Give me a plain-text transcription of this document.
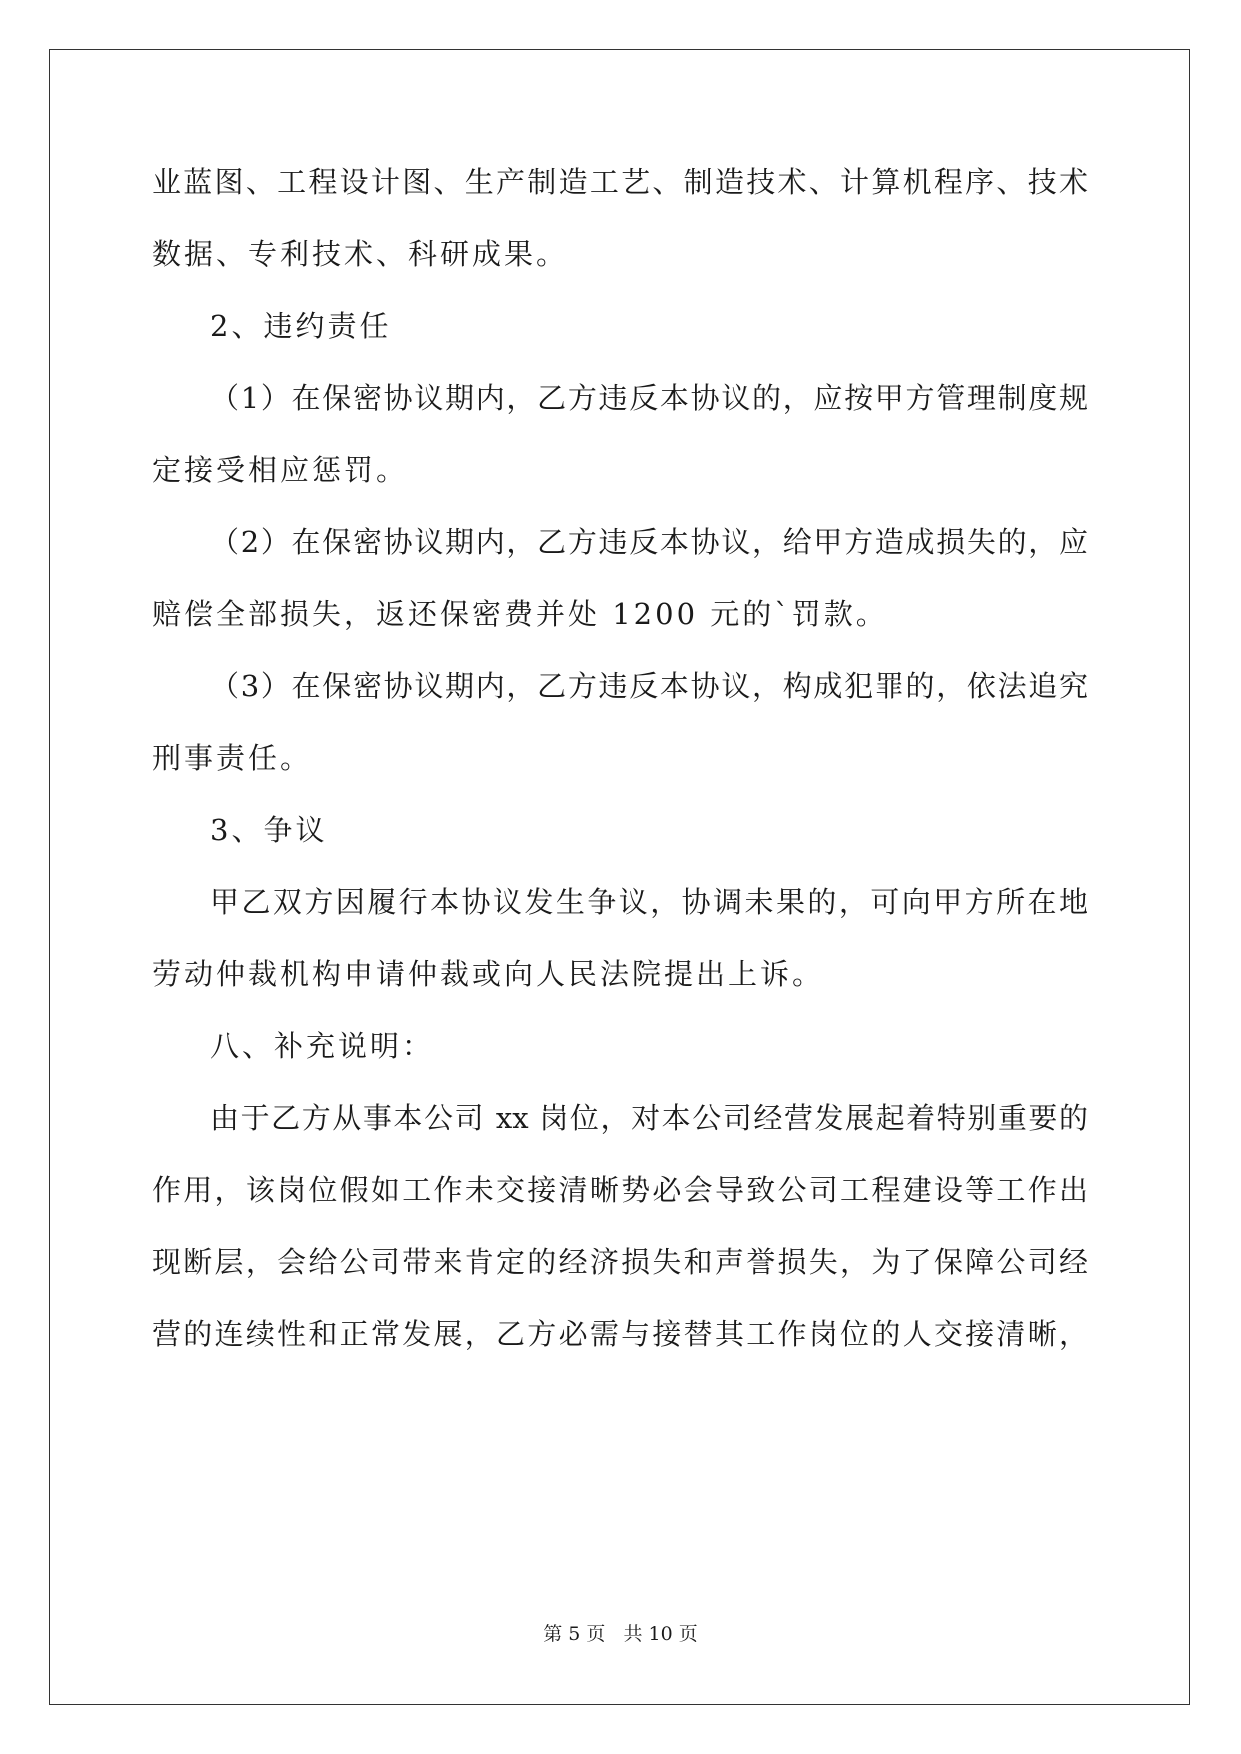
业蓝图、工程设计图、生产制造工艺、制造技术、计算机程序、技术
数据、专利技术、科研成果。
2、违约责任
（1）在保密协议期内，乙方违反本协议的，应按甲方管理制度规
定接受相应惩罚。
（2）在保密协议期内，乙方违反本协议，给甲方造成损失的，应
赔偿全部损失，返还保密费并处 1200 元的`罚款。
（3）在保密协议期内，乙方违反本协议，构成犯罪的，依法追究
刑事责任。
3、争议
甲乙双方因履行本协议发生争议，协调未果的，可向甲方所在地
劳动仲裁机构申请仲裁或向人民法院提出上诉。
八、补充说明：
由于乙方从事本公司 xx 岗位，对本公司经营发展起着特别重要的
作用，该岗位假如工作未交接清晰势必会导致公司工程建设等工作出
现断层，会给公司带来肯定的经济损失和声誉损失，为了保障公司经
营的连续性和正常发展，乙方必需与接替其工作岗位的人交接清晰，
第 5 页 共 10 页
